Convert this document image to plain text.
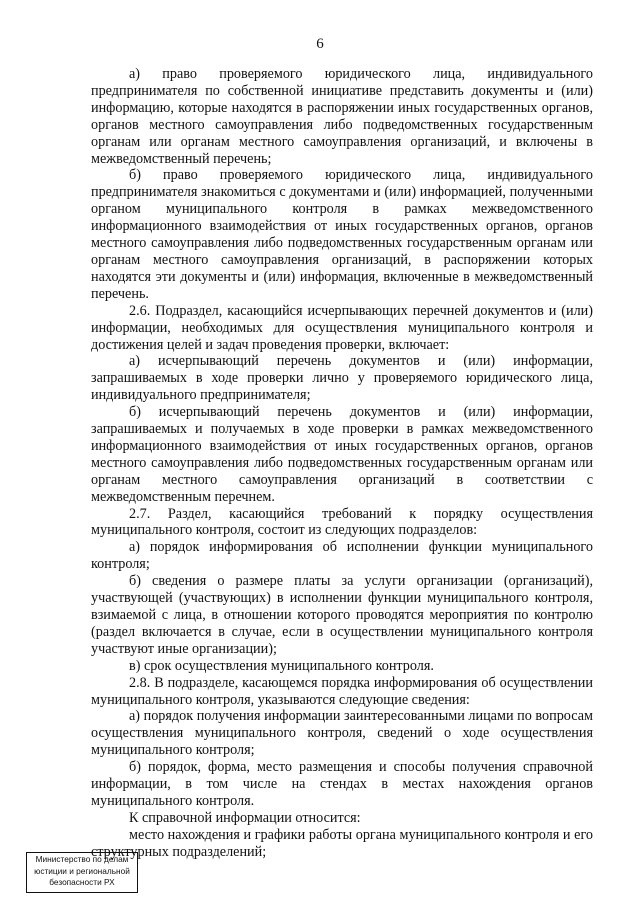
6

а) право проверяемого юридического лица, индивидуального предпринимателя по собственной инициативе представить документы и (или) информацию, которые находятся в распоряжении иных государственных органов, органов местного самоуправления либо подведомственных государственным органам или органам местного самоуправления организаций, и включены в межведомственный перечень;

б) право проверяемого юридического лица, индивидуального предпринимателя знакомиться с документами и (или) информацией, полученными органом муниципального контроля в рамках межведомственного информационного взаимодействия от иных государственных органов, органов местного самоуправления либо подведомственных государственным органам или органам местного самоуправления организаций, в распоряжении которых находятся эти документы и (или) информация, включенные в межведомственный перечень.

2.6. Подраздел, касающийся исчерпывающих перечней документов и (или) информации, необходимых для осуществления муниципального контроля и достижения целей и задач проведения проверки, включает:

а) исчерпывающий перечень документов и (или) информации, запрашиваемых в ходе проверки лично у проверяемого юридического лица, индивидуального предпринимателя;

б) исчерпывающий перечень документов и (или) информации, запрашиваемых и получаемых в ходе проверки в рамках межведомственного информационного взаимодействия от иных государственных органов, органов местного самоуправления либо подведомственных государственным органам или органам местного самоуправления организаций в соответствии с межведомственным перечнем.

2.7. Раздел, касающийся требований к порядку осуществления муниципального контроля, состоит из следующих подразделов:

а) порядок информирования об исполнении функции муниципального контроля;

б) сведения о размере платы за услуги организации (организаций), участвующей (участвующих) в исполнении функции муниципального контроля, взимаемой с лица, в отношении которого проводятся мероприятия по контролю (раздел включается в случае, если в осуществлении муниципального контроля участвуют иные организации);

в) срок осуществления муниципального контроля.

2.8. В подразделе, касающемся порядка информирования об осуществлении муниципального контроля, указываются следующие сведения:

а) порядок получения информации заинтересованными лицами по вопросам осуществления муниципального контроля, сведений о ходе осуществления муниципального контроля;

б) порядок, форма, место размещения и способы получения справочной информации, в том числе на стендах в местах нахождения органов муниципального контроля.

К справочной информации относится:

место нахождения и графики работы органа муниципального контроля и его структурных подразделений;

Министерство по делам
юстиции и региональной
безопасности РХ
